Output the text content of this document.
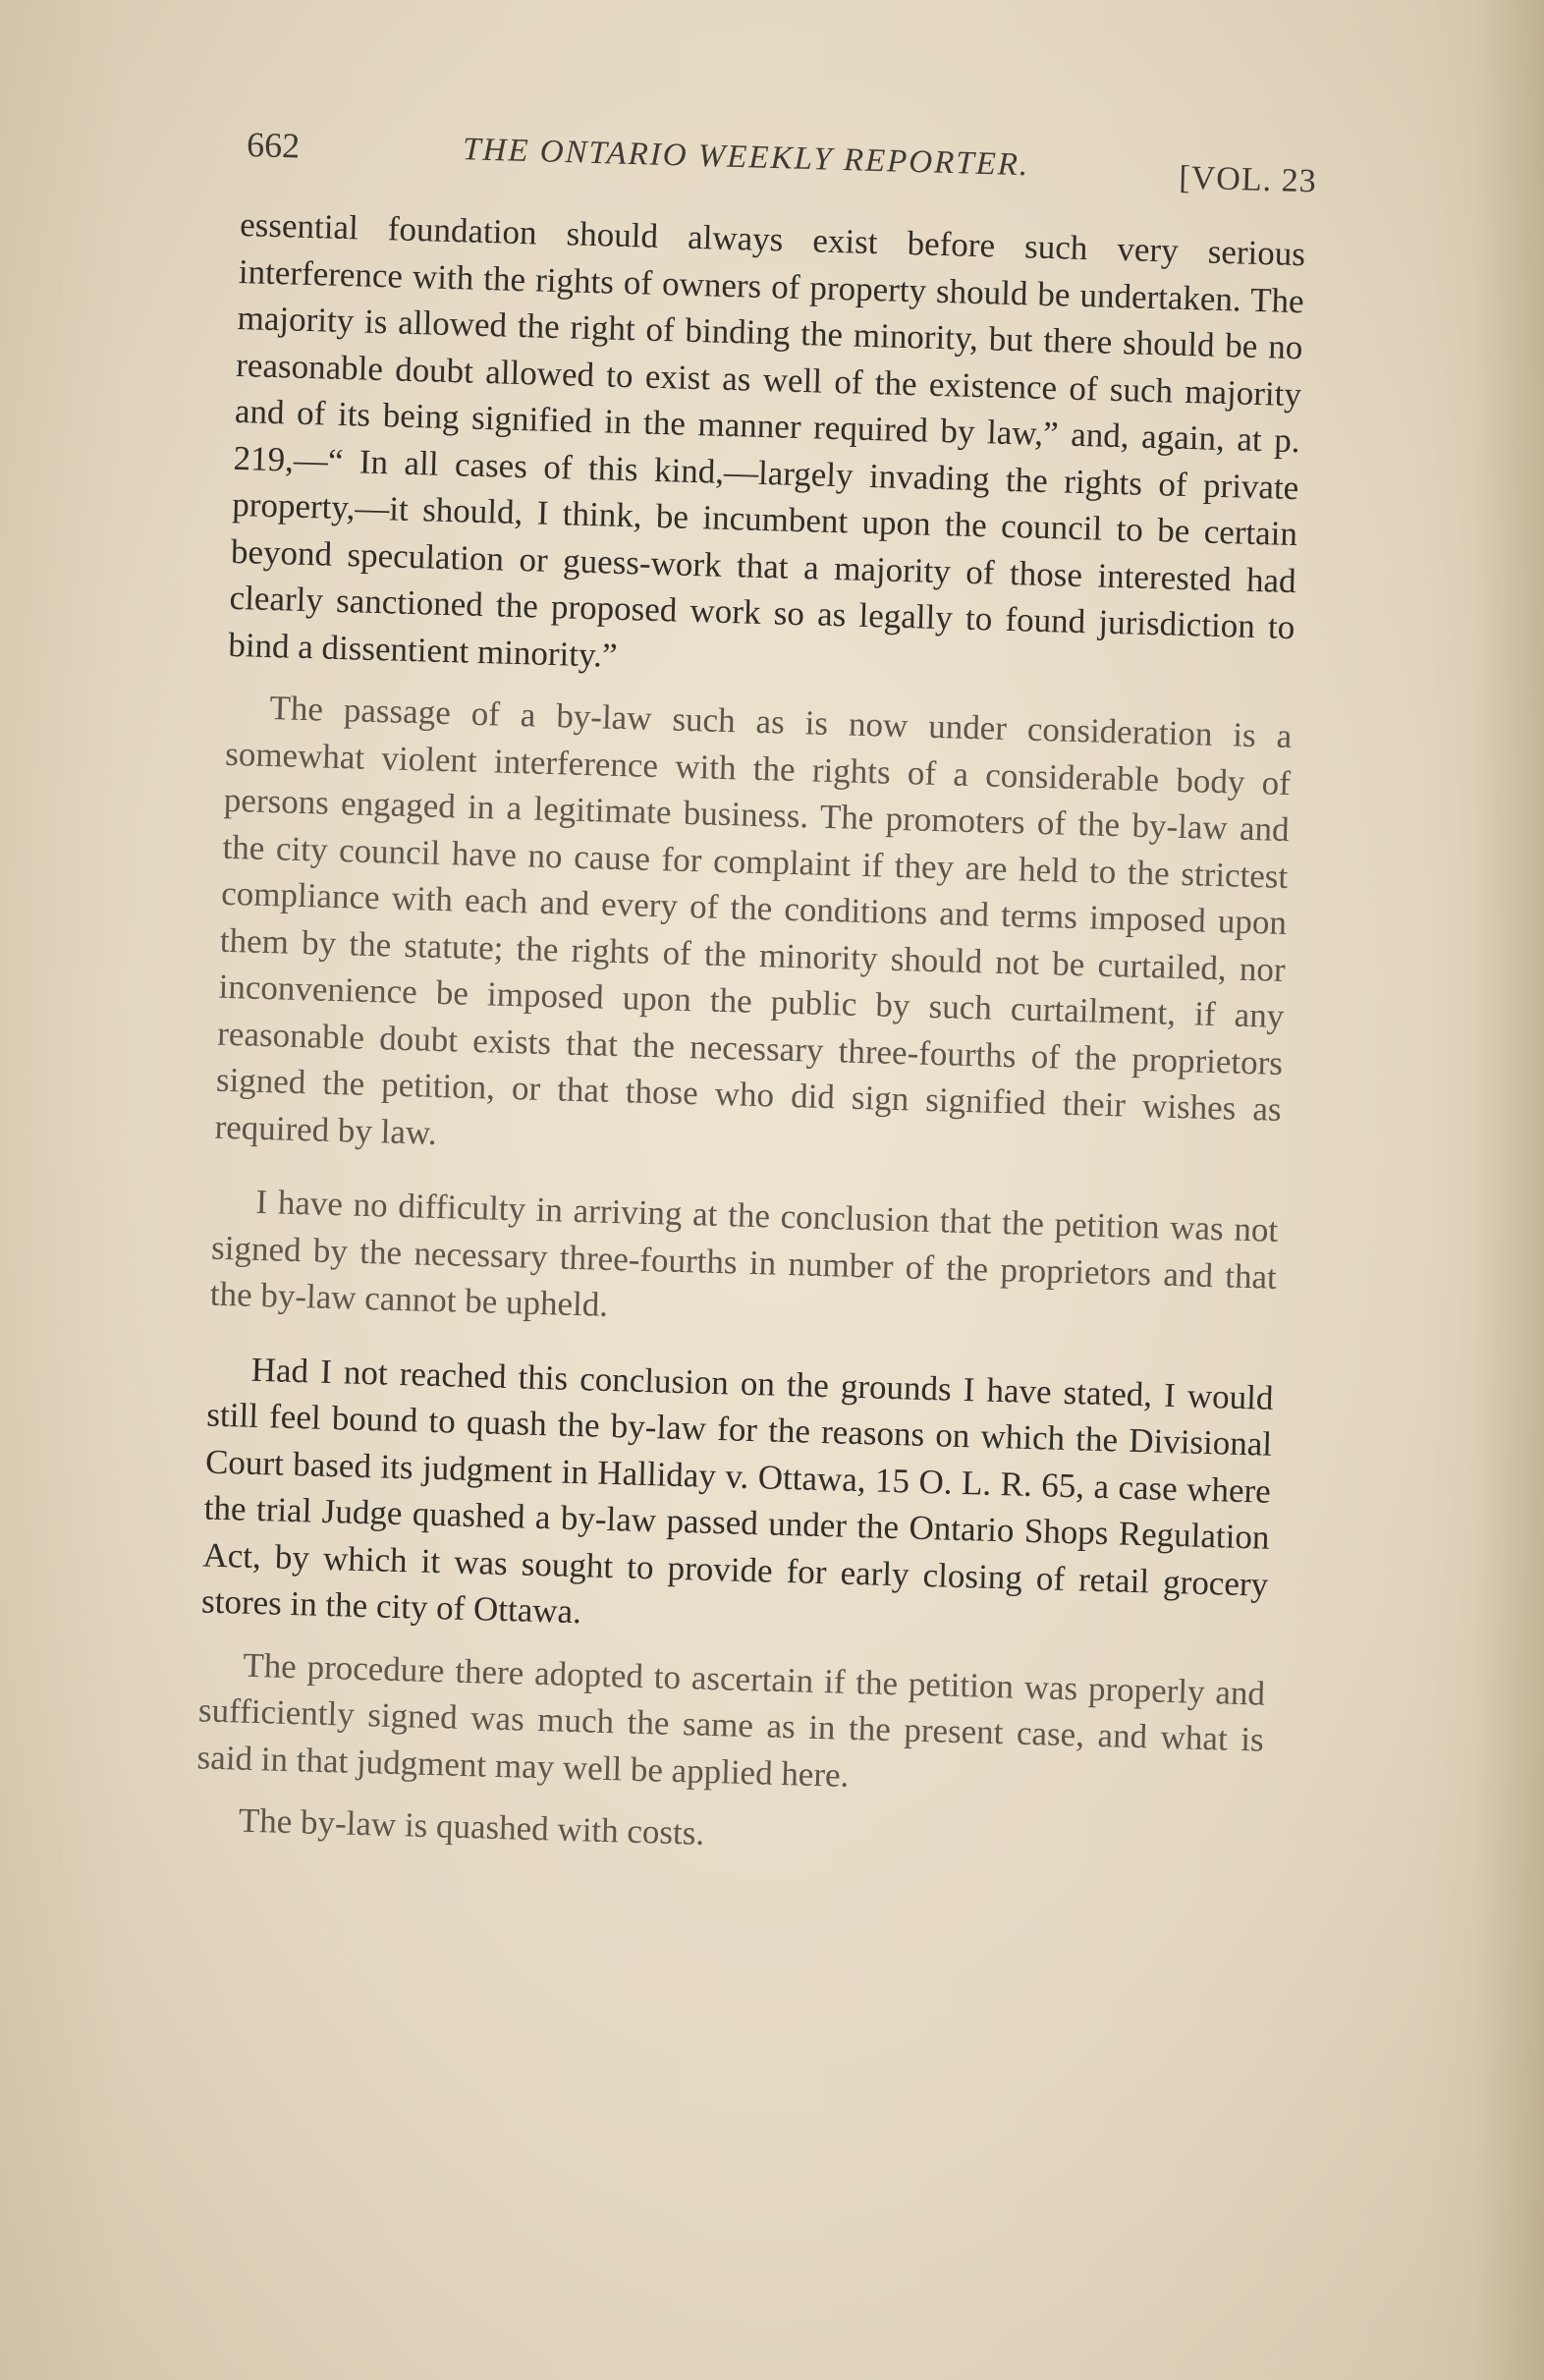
662	THE ONTARIO WEEKLY REPORTER.	[VOL. 23

essential foundation should always exist before such very serious interference with the rights of owners of property should be undertaken. The majority is allowed the right of binding the minority, but there should be no reasonable doubt allowed to exist as well of the existence of such majority and of its being signified in the manner required by law,” and, again, at p. 219,—“ In all cases of this kind,—largely invading the rights of private property,—it should, I think, be incumbent upon the council to be certain beyond speculation or guess-work that a majority of those interested had clearly sanctioned the proposed work so as legally to found jurisdiction to bind a dissentient minority.”

The passage of a by-law such as is now under consideration is a somewhat violent interference with the rights of a considerable body of persons engaged in a legitimate business. The promoters of the by-law and the city council have no cause for complaint if they are held to the strictest compliance with each and every of the conditions and terms imposed upon them by the statute; the rights of the minority should not be curtailed, nor inconvenience be imposed upon the public by such curtailment, if any reasonable doubt exists that the necessary three-fourths of the proprietors signed the petition, or that those who did sign signified their wishes as required by law.

I have no difficulty in arriving at the conclusion that the petition was not signed by the necessary three-fourths in number of the proprietors and that the by-law cannot be upheld.

Had I not reached this conclusion on the grounds I have stated, I would still feel bound to quash the by-law for the reasons on which the Divisional Court based its judgment in Halliday v. Ottawa, 15 O. L. R. 65, a case where the trial Judge quashed a by-law passed under the Ontario Shops Regulation Act, by which it was sought to provide for early closing of retail grocery stores in the city of Ottawa.

The procedure there adopted to ascertain if the petition was properly and sufficiently signed was much the same as in the present case, and what is said in that judgment may well be applied here.

The by-law is quashed with costs.
